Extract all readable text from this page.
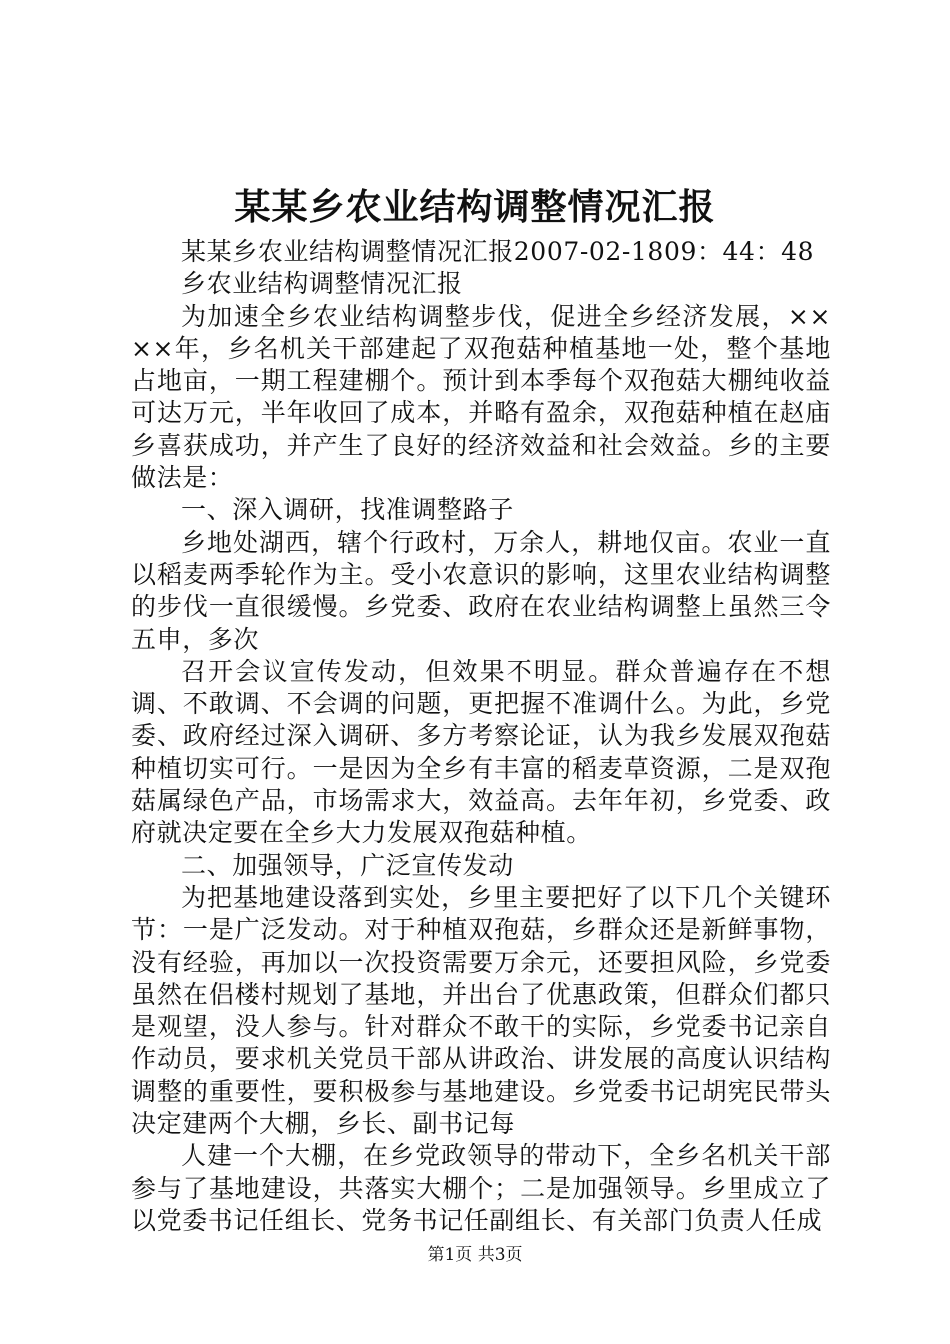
某某乡农业结构调整情况汇报

某某乡农业结构调整情况汇报2007-02-1809：44：48

乡农业结构调整情况汇报

为加速全乡农业结构调整步伐，促进全乡经济发展，××××年，乡名机关干部建起了双孢菇种植基地一处，整个基地占地亩，一期工程建棚个。预计到本季每个双孢菇大棚纯收益可达万元，半年收回了成本，并略有盈余，双孢菇种植在赵庙乡喜获成功，并产生了良好的经济效益和社会效益。乡的主要做法是：

一、深入调研，找准调整路子

乡地处湖西，辖个行政村，万余人，耕地仅亩。农业一直以稻麦两季轮作为主。受小农意识的影响，这里农业结构调整的步伐一直很缓慢。乡党委、政府在农业结构调整上虽然三令五申，多次

召开会议宣传发动，但效果不明显。群众普遍存在不想调、不敢调、不会调的问题，更把握不准调什么。为此，乡党委、政府经过深入调研、多方考察论证，认为我乡发展双孢菇种植切实可行。一是因为全乡有丰富的稻麦草资源，二是双孢菇属绿色产品，市场需求大，效益高。去年年初，乡党委、政府就决定要在全乡大力发展双孢菇种植。

二、加强领导，广泛宣传发动

为把基地建设落到实处，乡里主要把好了以下几个关键环节：一是广泛发动。对于种植双孢菇，乡群众还是新鲜事物，没有经验，再加以一次投资需要万余元，还要担风险，乡党委虽然在侣楼村规划了基地，并出台了优惠政策，但群众们都只是观望，没人参与。针对群众不敢干的实际，乡党委书记亲自作动员，要求机关党员干部从讲政治、讲发展的高度认识结构调整的重要性，要积极参与基地建设。乡党委书记胡宪民带头决定建两个大棚，乡长、副书记每

人建一个大棚，在乡党政领导的带动下，全乡名机关干部参与了基地建设，共落实大棚个；二是加强领导。乡里成立了以党委书记任组长、党务书记任副组长、有关部门负责人任成

第1页 共3页
